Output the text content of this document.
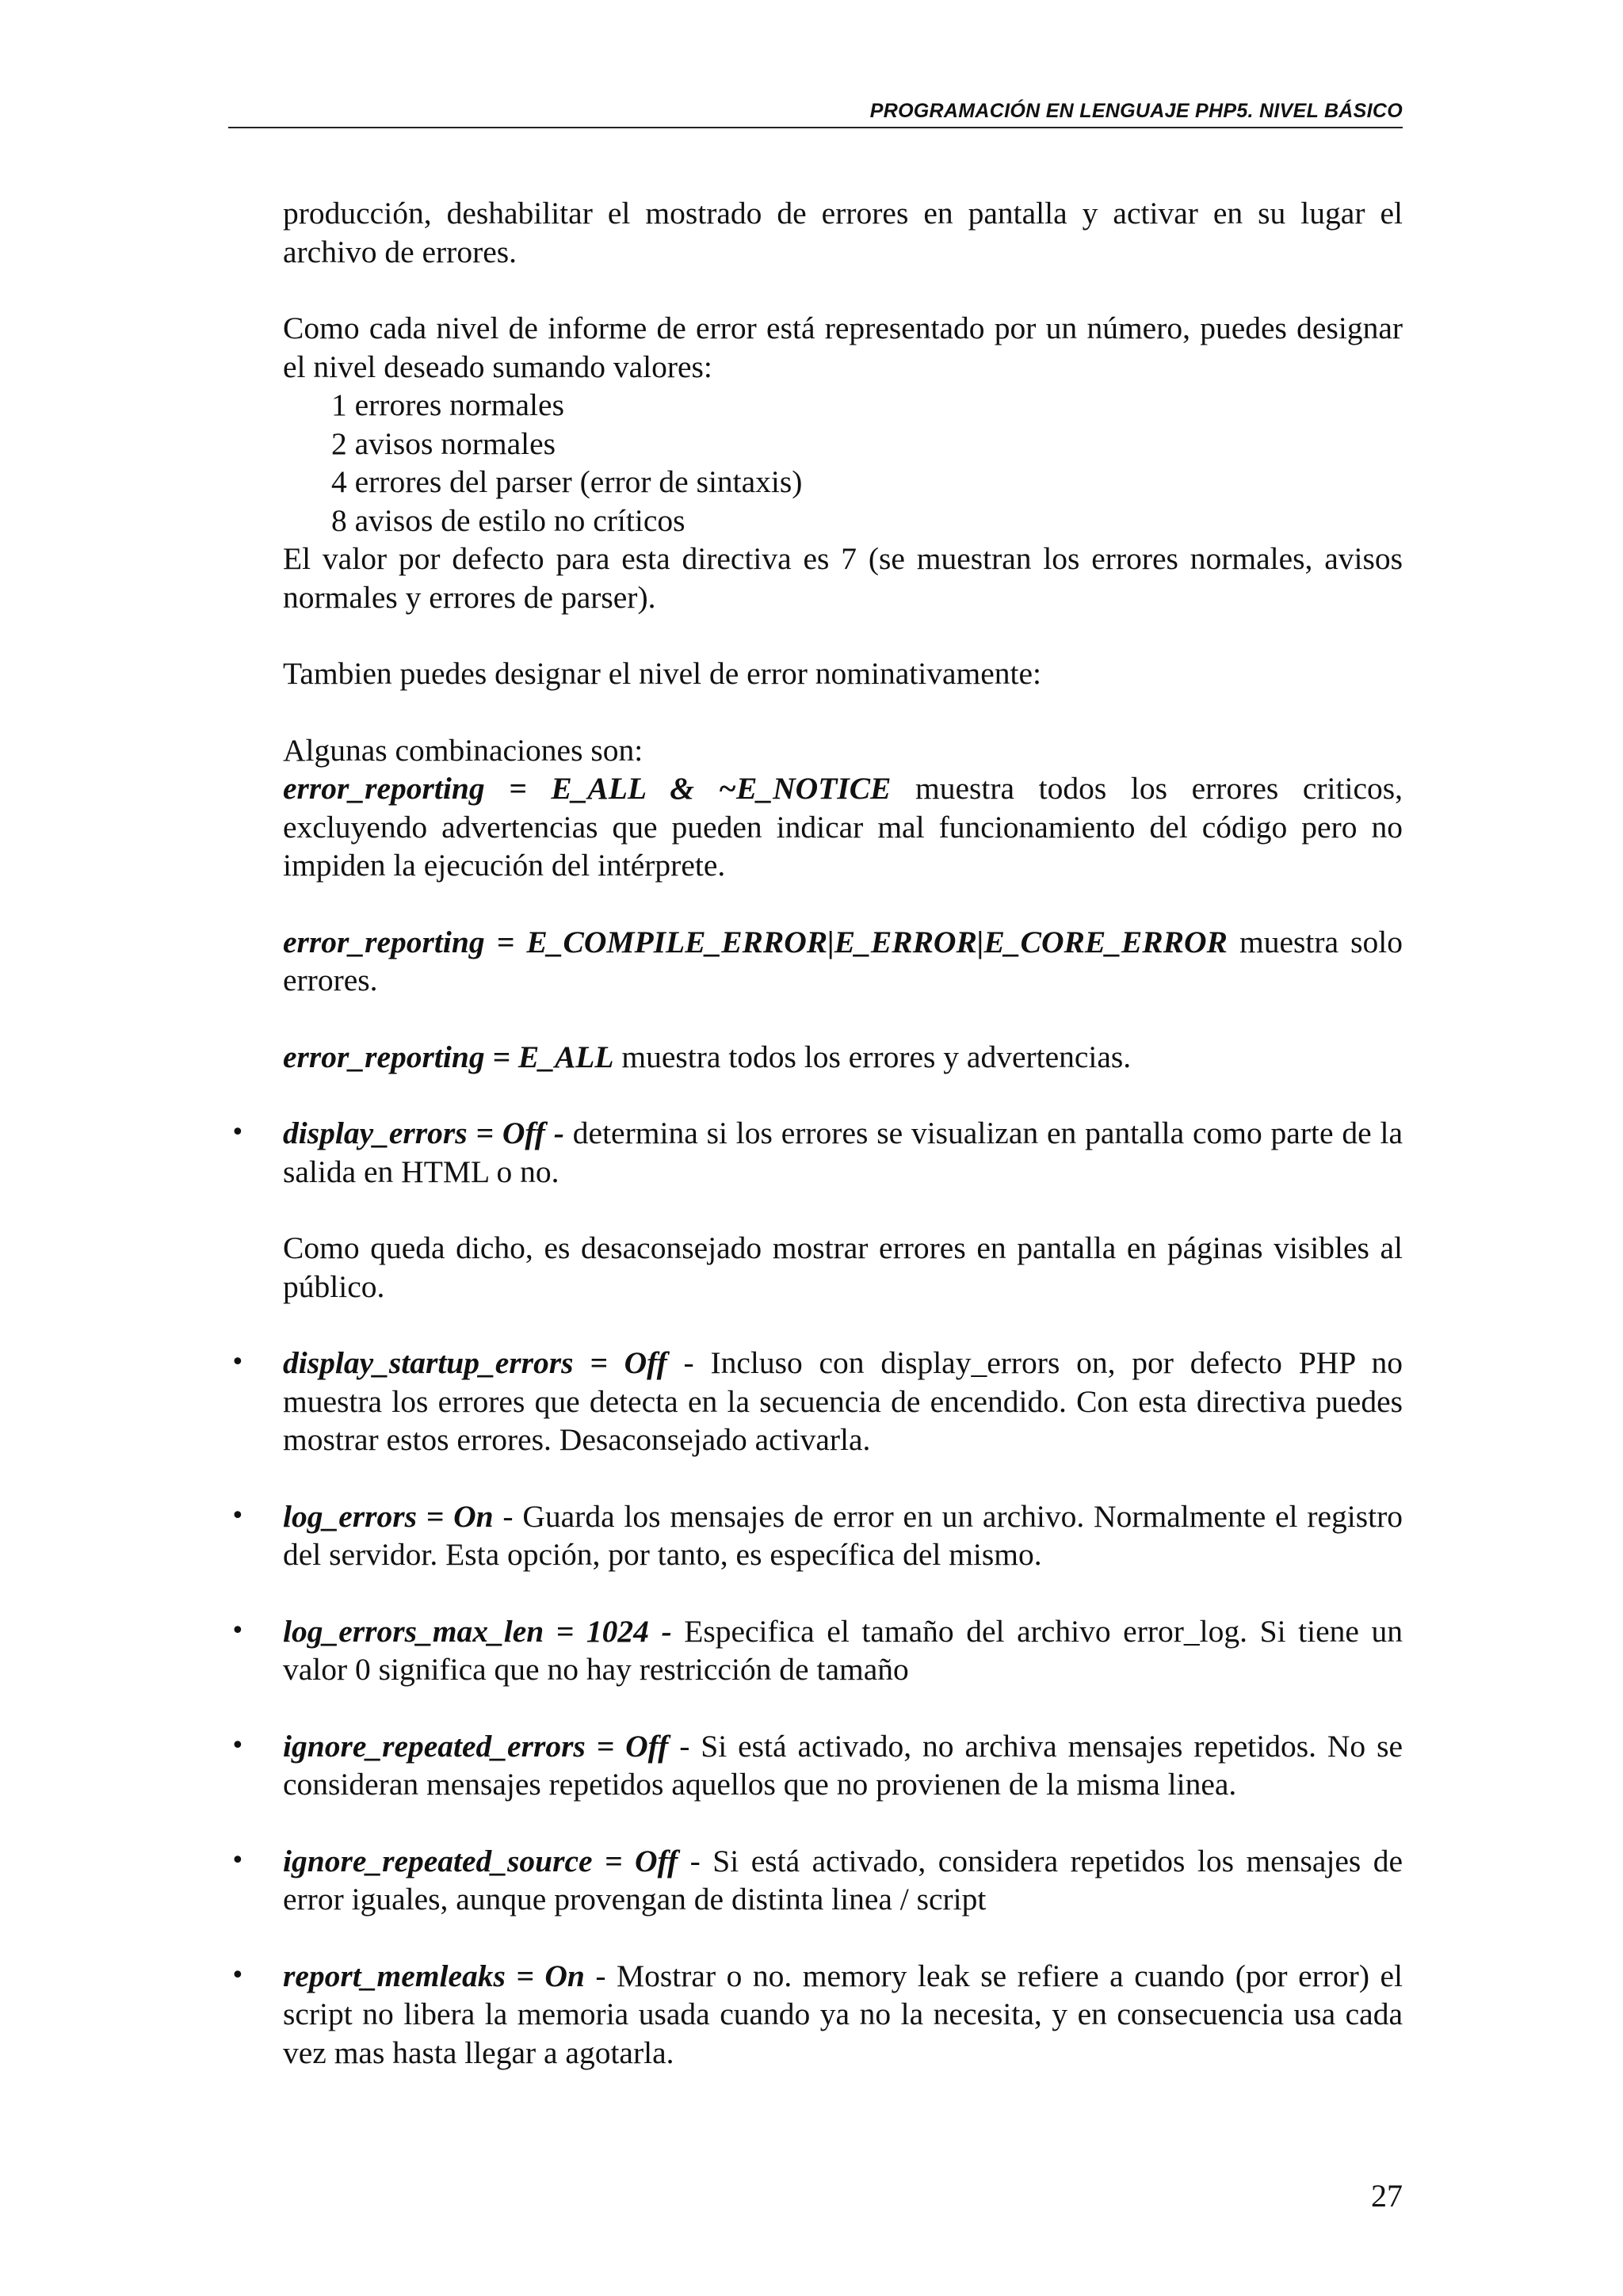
PROGRAMACIÓN EN LENGUAJE PHP5. NIVEL BÁSICO

producción, deshabilitar el mostrado de errores en pantalla y activar en su lugar el archivo de errores.

Como cada nivel de informe de error está representado por un número, puedes designar el nivel deseado sumando valores:

1 errores normales
2 avisos normales
4 errores del parser (error de sintaxis)
8 avisos de estilo no críticos

El valor por defecto para esta directiva es 7 (se muestran los errores normales, avisos normales y errores de parser).

Tambien puedes designar el nivel de error nominativamente:

Algunas combinaciones son:
error_reporting = E_ALL & ~E_NOTICE muestra todos los errores criticos, excluyendo advertencias que pueden indicar mal funcionamiento del código pero no impiden la ejecución del intérprete.

error_reporting = E_COMPILE_ERROR|E_ERROR|E_CORE_ERROR muestra solo errores.

error_reporting = E_ALL muestra todos los errores y advertencias.

• display_errors = Off - determina si los errores se visualizan en pantalla como parte de la salida en HTML o no.

Como queda dicho, es desaconsejado mostrar errores en pantalla en páginas visibles al público.

• display_startup_errors = Off - Incluso con display_errors on, por defecto PHP no muestra los errores que detecta en la secuencia de encendido. Con esta directiva puedes mostrar estos errores. Desaconsejado activarla.

• log_errors = On - Guarda los mensajes de error en un archivo. Normalmente el registro del servidor. Esta opción, por tanto, es específica del mismo.

• log_errors_max_len = 1024 - Especifica el tamaño del archivo error_log. Si tiene un valor 0 significa que no hay restricción de tamaño

• ignore_repeated_errors = Off - Si está activado, no archiva mensajes repetidos. No se consideran mensajes repetidos aquellos que no provienen de la misma linea.

• ignore_repeated_source = Off - Si está activado, considera repetidos los mensajes de error iguales, aunque provengan de distinta linea / script

• report_memleaks = On - Mostrar o no. memory leak se refiere a cuando (por error) el script no libera la memoria usada cuando ya no la necesita, y en consecuencia usa cada vez mas hasta llegar a agotarla.

27
